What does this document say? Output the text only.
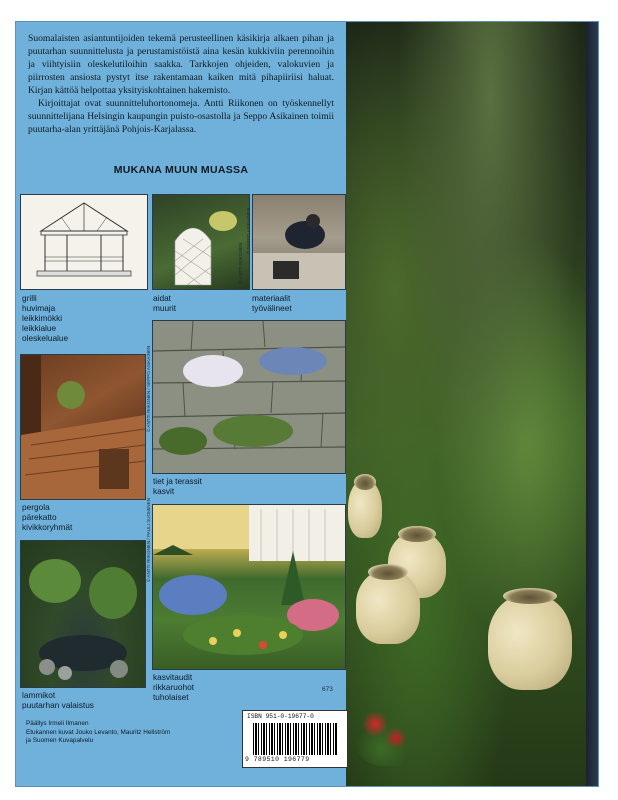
Suomalaisten asiantuntijoiden tekemä perusteellinen käsikirja alkaen pihan ja puutarhan suunnittelusta ja perustamistöistä aina kesän kukkiviin perennoihin ja viihtyisiin oleskelutiloihin saakka. Tarkkojen ohjeiden, valokuvien ja piirrosten ansiosta pystyt itse rakentamaan kaiken mitä pihapiiriisi haluat. Kirjan kättöä helpottaa yksityiskohtainen hakemisto.

Kirjoittajat ovat suunnitteluhortonomeja. Antti Riikonen on työskennellyt suunnittelijana Helsingin kaupungin puisto-osastolla ja Seppo Asikainen toimii puutarha-alan yrittäjänä Pohjois-Karjalassa.

MUKANA MUUN MUASSA
© ANTTI RIIKONEN
© SEPPO ASIKAINEN
© ANTTI RIIKONEN / SEPPO ASIKAINEN
© ANTTI RIIKONEN / PAULI SUOMINEN
grilli
huvimaja
leikkimökki
leikkialue
oleskelualue
aidat
muurit
materiaalit
työvälineet
tiet ja terassit
kasvit
pergola
pärekatto
kivikkoryhmät
lammikot
puutarhan valaistus
kasvitaudit
rikkaruohot
tuholaiset
673
ISBN 951-0-19677-0
9 789510 196779
Päällys Irmeli Ilmanen
Etukannen kuvat Jouko Levanto, Mauritz Hellström
ja Suomen Kuvapalvelu
